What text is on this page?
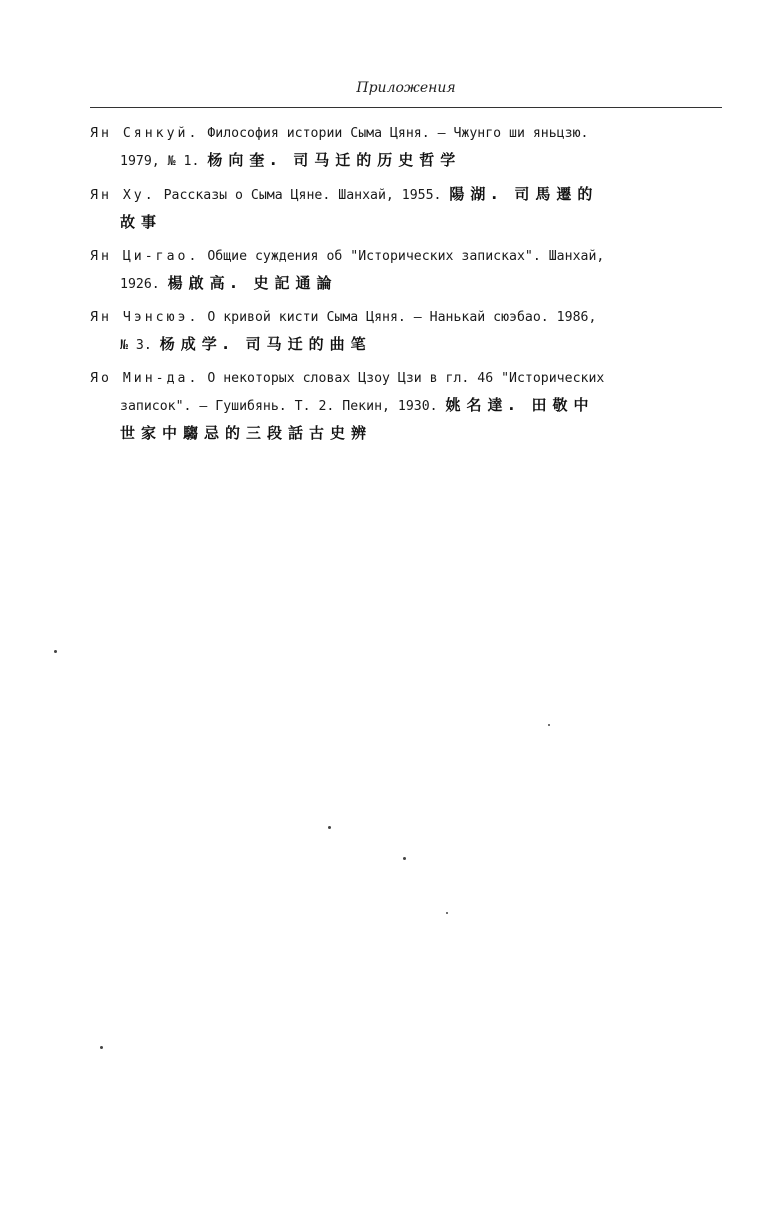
Приложения
Ян Сянкуй. Философия истории Сыма Цяня. — Чжунго ши яньцзю.
1979, № 1. 杨向奎. 司马迁的历史哲学
Ян Ху. Рассказы о Сыма Цяне. Шанхай, 1955. 陽湖. 司馬遷的
故事
Ян Ци-гао. Общие суждения об "Исторических записках". Шанхай,
1926. 楊啟高. 史記通論
Ян Чэнсюэ. О кривой кисти Сыма Цяня. — Нанькай сюэбао. 1986,
№ 3. 杨成学. 司马迁的曲笔
Яо Мин-да. О некоторых словах Цзоу Цзи в гл. 46 "Исторических
записок". — Гушибянь. Т. 2. Пекин, 1930. 姚名達. 田敬中
世家中騶忌的三段話古史辨
